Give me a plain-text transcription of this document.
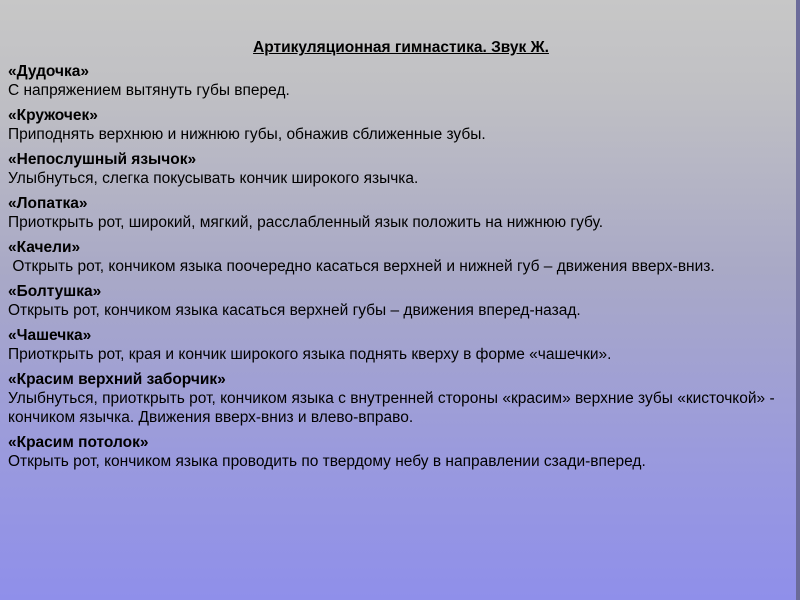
Артикуляционная гимнастика. Звук Ж.
«Дудочка»
С напряжением вытянуть губы вперед.
«Кружочек»
Приподнять верхнюю и нижнюю губы, обнажив сближенные зубы.
«Непослушный язычок»
Улыбнуться, слегка покусывать кончик широкого язычка.
«Лопатка»
Приоткрыть рот, широкий, мягкий, расслабленный язык положить на нижнюю губу.
«Качели»
Открыть рот, кончиком языка поочередно касаться верхней и нижней губ – движения вверх-вниз.
«Болтушка»
Открыть рот, кончиком языка касаться верхней губы – движения вперед-назад.
«Чашечка»
Приоткрыть рот, края и кончик широкого языка поднять кверху в форме «чашечки».
«Красим верхний заборчик»
Улыбнуться, приоткрыть рот, кончиком языка с внутренней стороны «красим» верхние зубы «кисточкой» - кончиком язычка. Движения вверх-вниз и влево-вправо.
«Красим потолок»
Открыть рот, кончиком языка проводить по твердому небу в направлении сзади-вперед.
